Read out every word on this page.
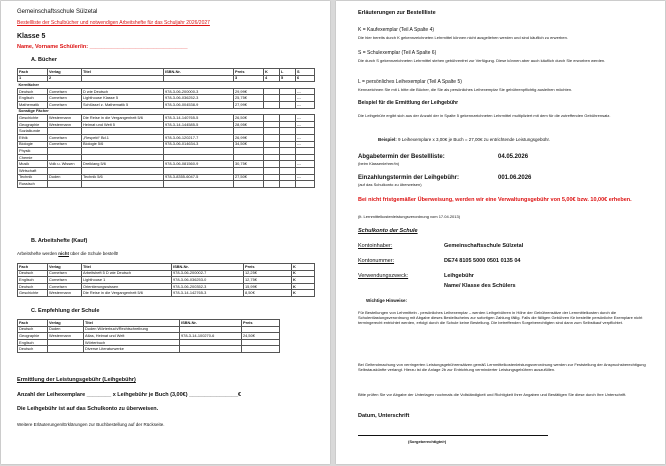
Gemeinschaftsschule Sülzetal
Bestellliste der Schulbücher und notwendigen Arbeitshefte für das Schuljahr 2026/2027
Klasse 5
Name, Vorname Schüler/in: ________________________________
A. Bücher
Fach	Verlag	Titel	ISBN-Nr.	Preis	K	L	S
1	2			3	4	5	6
Kernfächer							
Deutsch	Cornelsen	D wie Deutsch	978-3-06-200000-3	29,99€			---
Englisch	Cornelsen	Lighthouse Klasse 5	978-3-06-036252-3	25,75€			---
Mathematik	Cornelsen	Schlüssel z. Mathematik 5	978-3-06-004538-9	27,99€			---
Sonstige Fächer							
Geschichte	Westermann	Die Reise in die Vergangenheit 5/6	978-3-14-140765-5	26,50€			---
Geographie	Westermann	Heimat und Welt 5	978-3-14-144585-5	28,95€			---
Sozialkunde							
Ethik	Cornelsen	„Respekt“ Bd.1	978-3-06-120217-7	26,99€			---
Biologie	Cornelsen	Biologie 5/6	978-3-06-014634-3	34,50€			---
Physik							
Chemie							
Musik	Volk u. Wissen	Dreiklang 5/6	978-3-06-081560-9	30,75€			---
Wirtschaft							
Technik	Duden	Technik 5/6	978-3-8355-6047-5	27,50€			---
Russisch							
B. Arbeitshefte (Kauf)
Arbeitshefte werden nicht über die Schule bestellt!
Fach	Verlag	Titel	ISBN-Nr.	Preis	K
Deutsch	Cornelsen	Arbeitsheft 5 D wie Deutsch	978-3-06-200002-7	12,25€	K
Englisch	Cornelsen	Lighthouse 1	978-3-06-036253-0	12,75€	K
Deutsch	Cornelsen	Orientierungswissen	978-3-06-200352-3	15,99€	K
Geschichte	Westermann	Die Reise in die Vergangenheit 5/6	978-3-14-142765-3	8,50€	K
C. Empfehlung der Schule
Fach	Verlag	Titel	ISBN-Nr.	Preis
Deutsch	Duden	Duden Wörterbuch/Rechtschreibung		
Geographie	Westermann	Atlas, Heimat und Welt	978-3-14-100270-6	24,50€
Englisch		Wörterbuch		
Deutsch		Diverse Literaturwerke		
Ermittlung der Leistungsgebühr (Leihgebühr)
Anzahl der Leihexemplare ________ x Leihgebühr je Buch (3,00€) ________________€
Die Leihgebühr ist auf das Schulkonto zu überweisen.
Weitere Erläuterungen/Erklärungen zur Buchbestellung auf der Rückseite.
Erläuterungen zur Bestellliste
K = Kaufexemplar (Teil A Spalte 4)
Die hier bereits durch K gekennzeichneten Lehrmittel können nicht ausgeliehen werden und sind käuflich zu erwerben.
S = Schulexemplar (Teil A Spalte 6)
Die durch S gekennzeichneten Lehrmittel stehen gebührenfrei zur Verfügung. Diese können aber auch käuflich durch Sie erworben werden.
L = persönliches Leihexemplar (Teil A Spalte 5)
Kennzeichnen Sie mit L bitte die Bücher, die Sie als persönliches Leihexemplar Sie gebührenpflichtig ausleihen möchten.
Beispiel für die Ermittlung der Leihgebühr
Die Leihgebühr ergibt sich aus der Anzahl der in Spalte 5 gekennzeichneten Lehrmittel multipliziert mit dem für die zutreffenden Gebührensatz.
Beispiel: 9 Leihexemplare x 3,00€ je Buch = 27,00€ zu entrichtende Leistungsgebühr.
Abgabetermin der Bestellliste:	04.05.2026
(beim Klassenlehrer/in)
Einzahlungstermin der Leihgebühr:	001.06.2026
(auf das Schulkonto zu überweisen)
Bei nicht fristgemäßer Überweisung, werden wir eine Verwaltungsgebühr von 5,00€ bzw. 10,00€ erheben.
(lt. Lernmittelkostenleistungsverordnung vom 17.04.2013)
Schulkonto der Schule
Kontoinhaber:	Gemeinschaftsschule Sülzetal
Kontonummer:	DE74 8105 5000 0501 0135 04
Verwendungszweck:	Leihgebühr
Name/ Klasse des Schülers
Wichtige Hinweise:
Für Bestellungen von Lehrmitteln - persönliches Leihexemplar – werden Leihgebühren in Höhe der Gebührensätze der Lernmittelkosten durch die Schulentlastungsverordnung mit Abgabe dieses Bestellscheins zur sofortigen Zahlung fällig. Falls die fälligen Gebühren für bestellte persönliche Exemplare nicht termingerecht entrichtet werden, erfolgt durch die Schule keine Bestellung. Die betreffenden Sorgeberechtigten sind dann zum Selbstkauf verpflichtet.
Bei Geltendmachung von verringerten Leistungsgebührensätzen gemäß Lernmittelkostenleistungsverordnung werden zur Feststellung der Anspruchsberechtigung Selbstauskünfte verlangt. Hierzu ist die Anlage 2b zur Entrichtung verminderter Leistungsgebühren auszufüllen.
Bitte prüfen Sie vor Abgabe der Unterlagen nochmals die Vollständigkeit und Richtigkeit Ihrer Angaben und Bestätigen Sie diese durch Ihre Unterschrift.
Datum, Unterschrift
(Sorgeberechtigte/r)
